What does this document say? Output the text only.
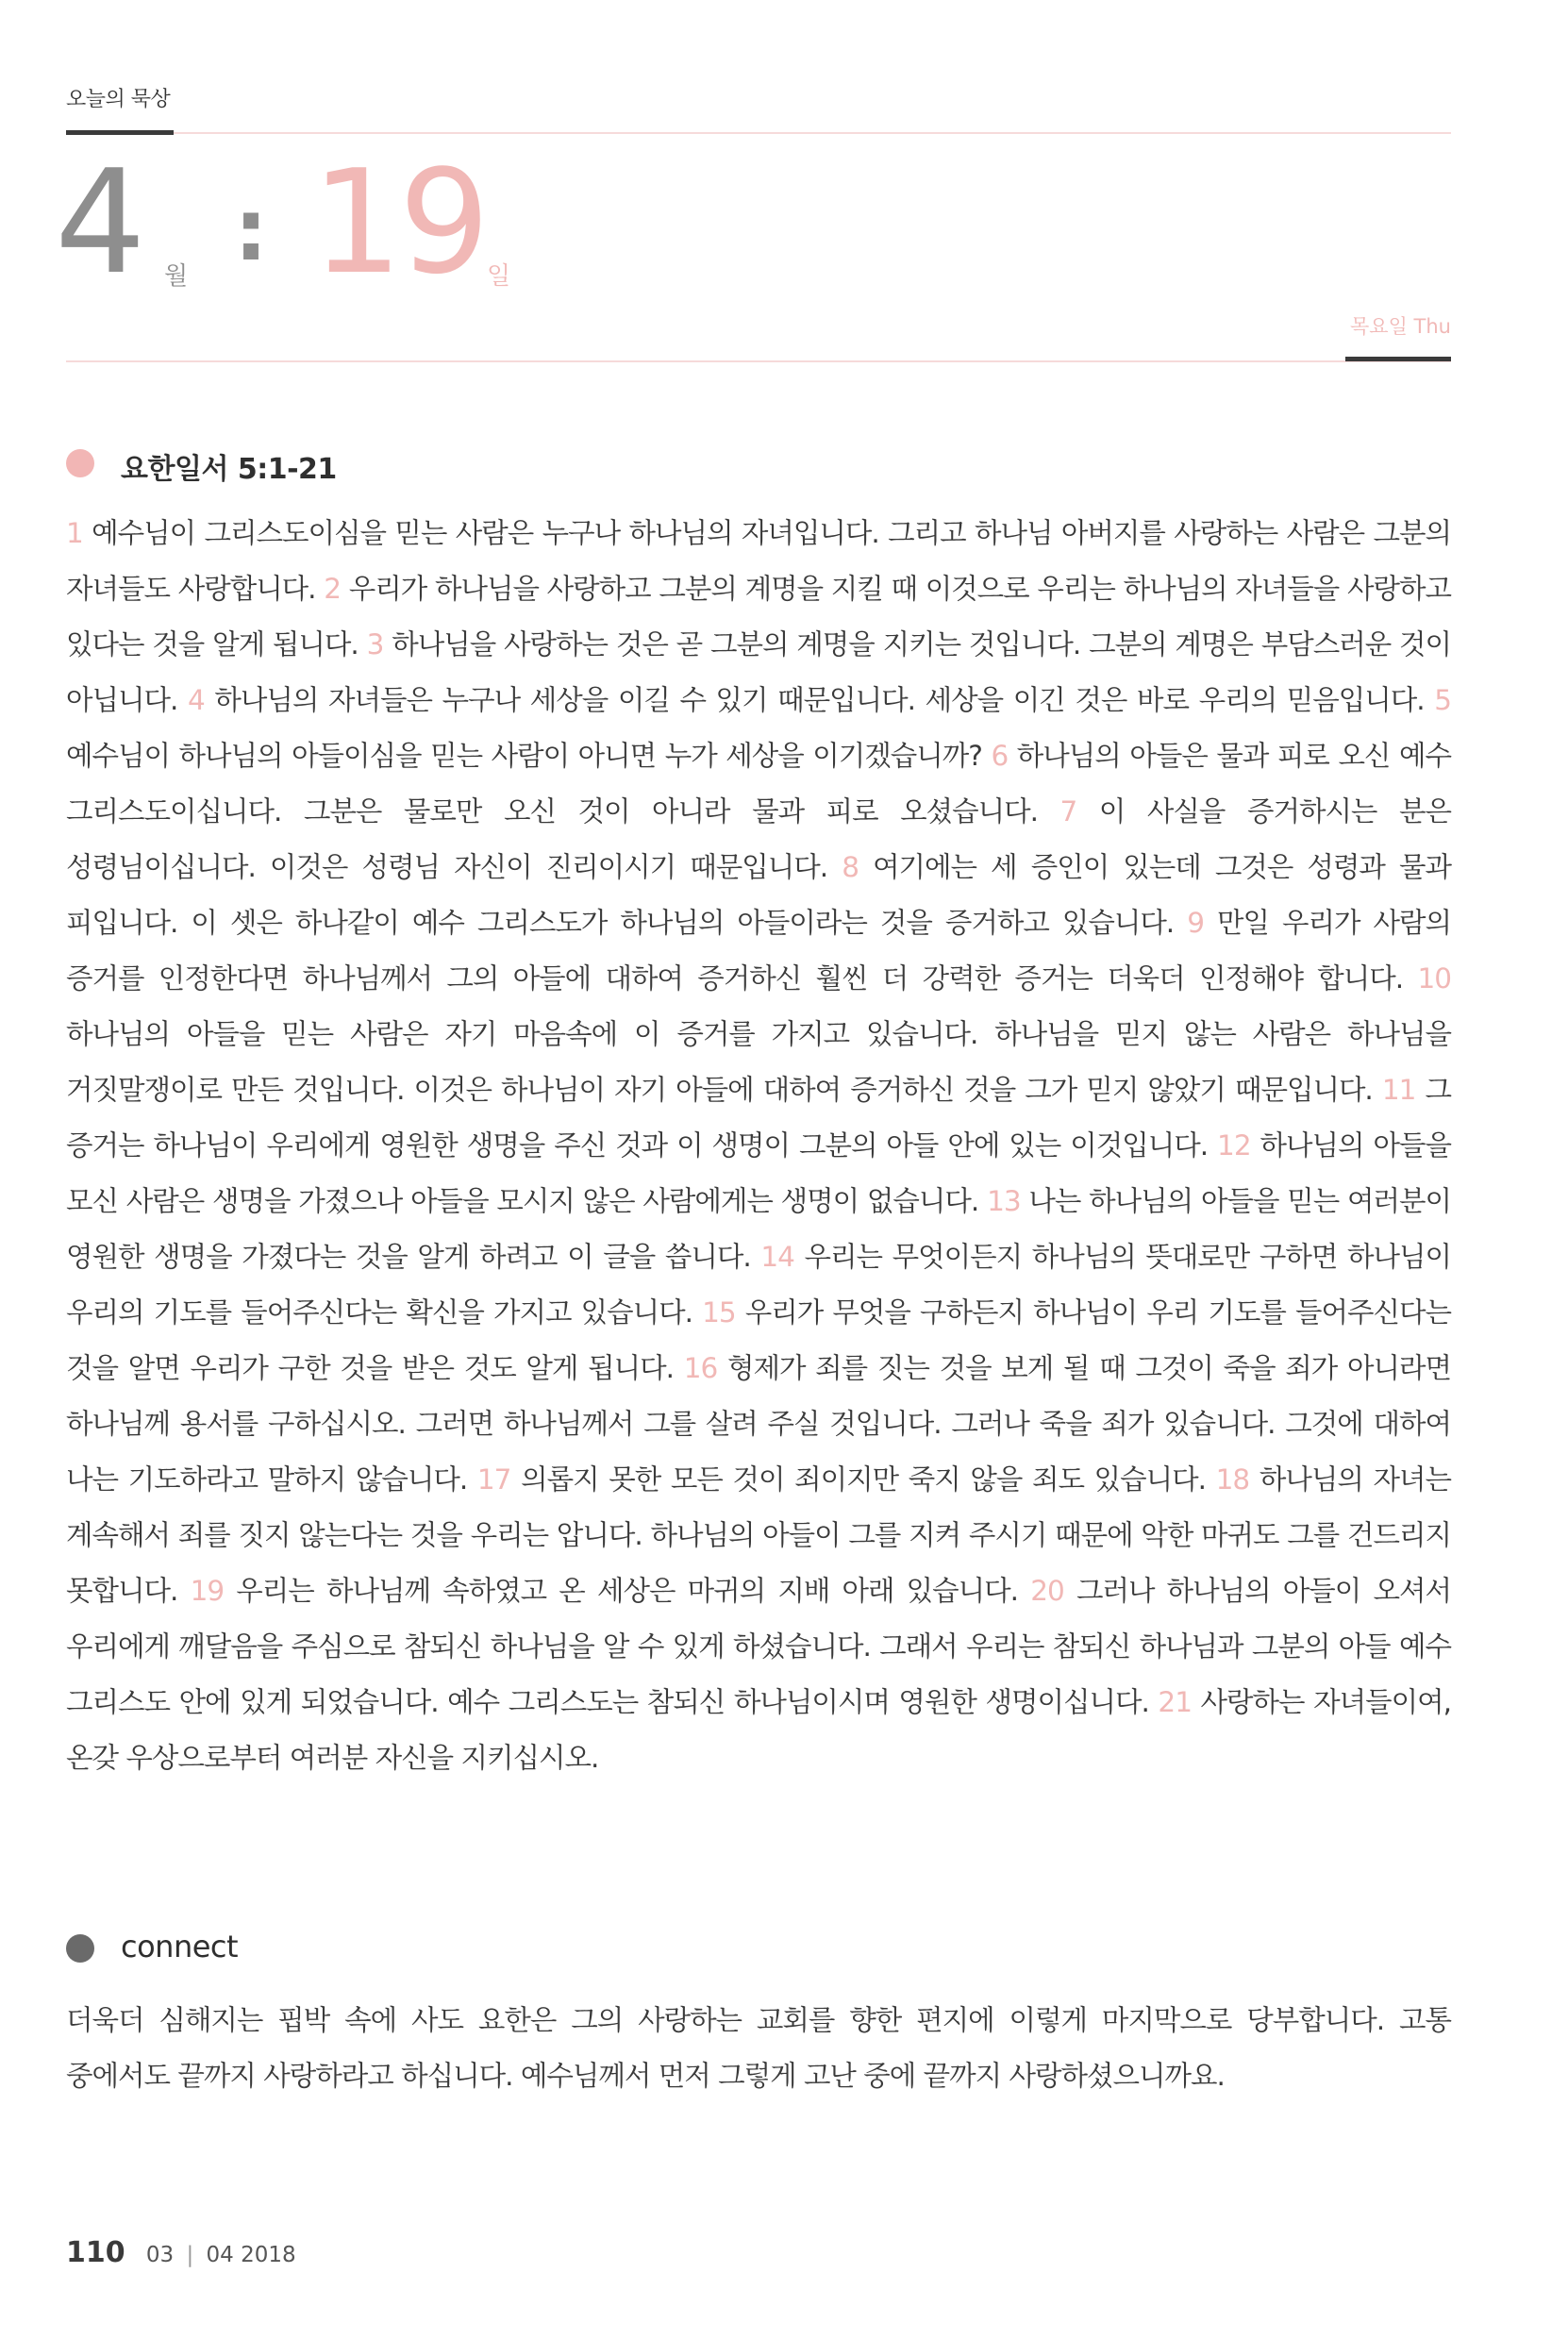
오늘의 묵상
4 월 : 19 일
목요일 Thu
요한일서 5:1-21
1 예수님이 그리스도이심을 믿는 사람은 누구나 하나님의 자녀입니다. 그리고 하나님 아버지를 사랑하는 사람은 그분의 자녀들도 사랑합니다. 2 우리가 하나님을 사랑하고 그분의 계명을 지킬 때 이것으로 우리는 하나님의 자녀들을 사랑하고 있다는 것을 알게 됩니다. 3 하나님을 사랑하는 것은 곧 그분의 계명을 지키는 것입니다. 그분의 계명은 부담스러운 것이 아닙니다. 4 하나님의 자녀들은 누구나 세상을 이길 수 있기 때문입니다. 세상을 이긴 것은 바로 우리의 믿음입니다. 5 예수님이 하나님의 아들이심을 믿는 사람이 아니면 누가 세상을 이기겠습니까? 6 하나님의 아들은 물과 피로 오신 예수 그리스도이십니다. 그분은 물로만 오신 것이 아니라 물과 피로 오셨습니다. 7 이 사실을 증거하시는 분은 성령님이십니다. 이것은 성령님 자신이 진리이시기 때문입니다. 8 여기에는 세 증인이 있는데 그것은 성령과 물과 피입니다. 이 셋은 하나같이 예수 그리스도가 하나님의 아들이라는 것을 증거하고 있습니다. 9 만일 우리가 사람의 증거를 인정한다면 하나님께서 그의 아들에 대하여 증거하신 훨씬 더 강력한 증거는 더욱더 인정해야 합니다. 10 하나님의 아들을 믿는 사람은 자기 마음속에 이 증거를 가지고 있습니다. 하나님을 믿지 않는 사람은 하나님을 거짓말쟁이로 만든 것입니다. 이것은 하나님이 자기 아들에 대하여 증거하신 것을 그가 믿지 않았기 때문입니다. 11 그 증거는 하나님이 우리에게 영원한 생명을 주신 것과 이 생명이 그분의 아들 안에 있는 이것입니다. 12 하나님의 아들을 모신 사람은 생명을 가졌으나 아들을 모시지 않은 사람에게는 생명이 없습니다. 13 나는 하나님의 아들을 믿는 여러분이 영원한 생명을 가졌다는 것을 알게 하려고 이 글을 씁니다. 14 우리는 무엇이든지 하나님의 뜻대로만 구하면 하나님이 우리의 기도를 들어주신다는 확신을 가지고 있습니다. 15 우리가 무엇을 구하든지 하나님이 우리 기도를 들어주신다는 것을 알면 우리가 구한 것을 받은 것도 알게 됩니다. 16 형제가 죄를 짓는 것을 보게 될 때 그것이 죽을 죄가 아니라면 하나님께 용서를 구하십시오. 그러면 하나님께서 그를 살려 주실 것입니다. 그러나 죽을 죄가 있습니다. 그것에 대하여 나는 기도하라고 말하지 않습니다. 17 의롭지 못한 모든 것이 죄이지만 죽지 않을 죄도 있습니다. 18 하나님의 자녀는 계속해서 죄를 짓지 않는다는 것을 우리는 압니다. 하나님의 아들이 그를 지켜 주시기 때문에 악한 마귀도 그를 건드리지 못합니다. 19 우리는 하나님께 속하였고 온 세상은 마귀의 지배 아래 있습니다. 20 그러나 하나님의 아들이 오셔서 우리에게 깨달음을 주심으로 참되신 하나님을 알 수 있게 하셨습니다. 그래서 우리는 참되신 하나님과 그분의 아들 예수 그리스도 안에 있게 되었습니다. 예수 그리스도는 참되신 하나님이시며 영원한 생명이십니다. 21 사랑하는 자녀들이여, 온갖 우상으로부터 여러분 자신을 지키십시오.
connect
더욱더 심해지는 핍박 속에 사도 요한은 그의 사랑하는 교회를 향한 편지에 이렇게 마지막으로 당부합니다. 고통 중에서도 끝까지 사랑하라고 하십니다. 예수님께서 먼저 그렇게 고난 중에 끝까지 사랑하셨으니까요.
110 03 | 04 2018
